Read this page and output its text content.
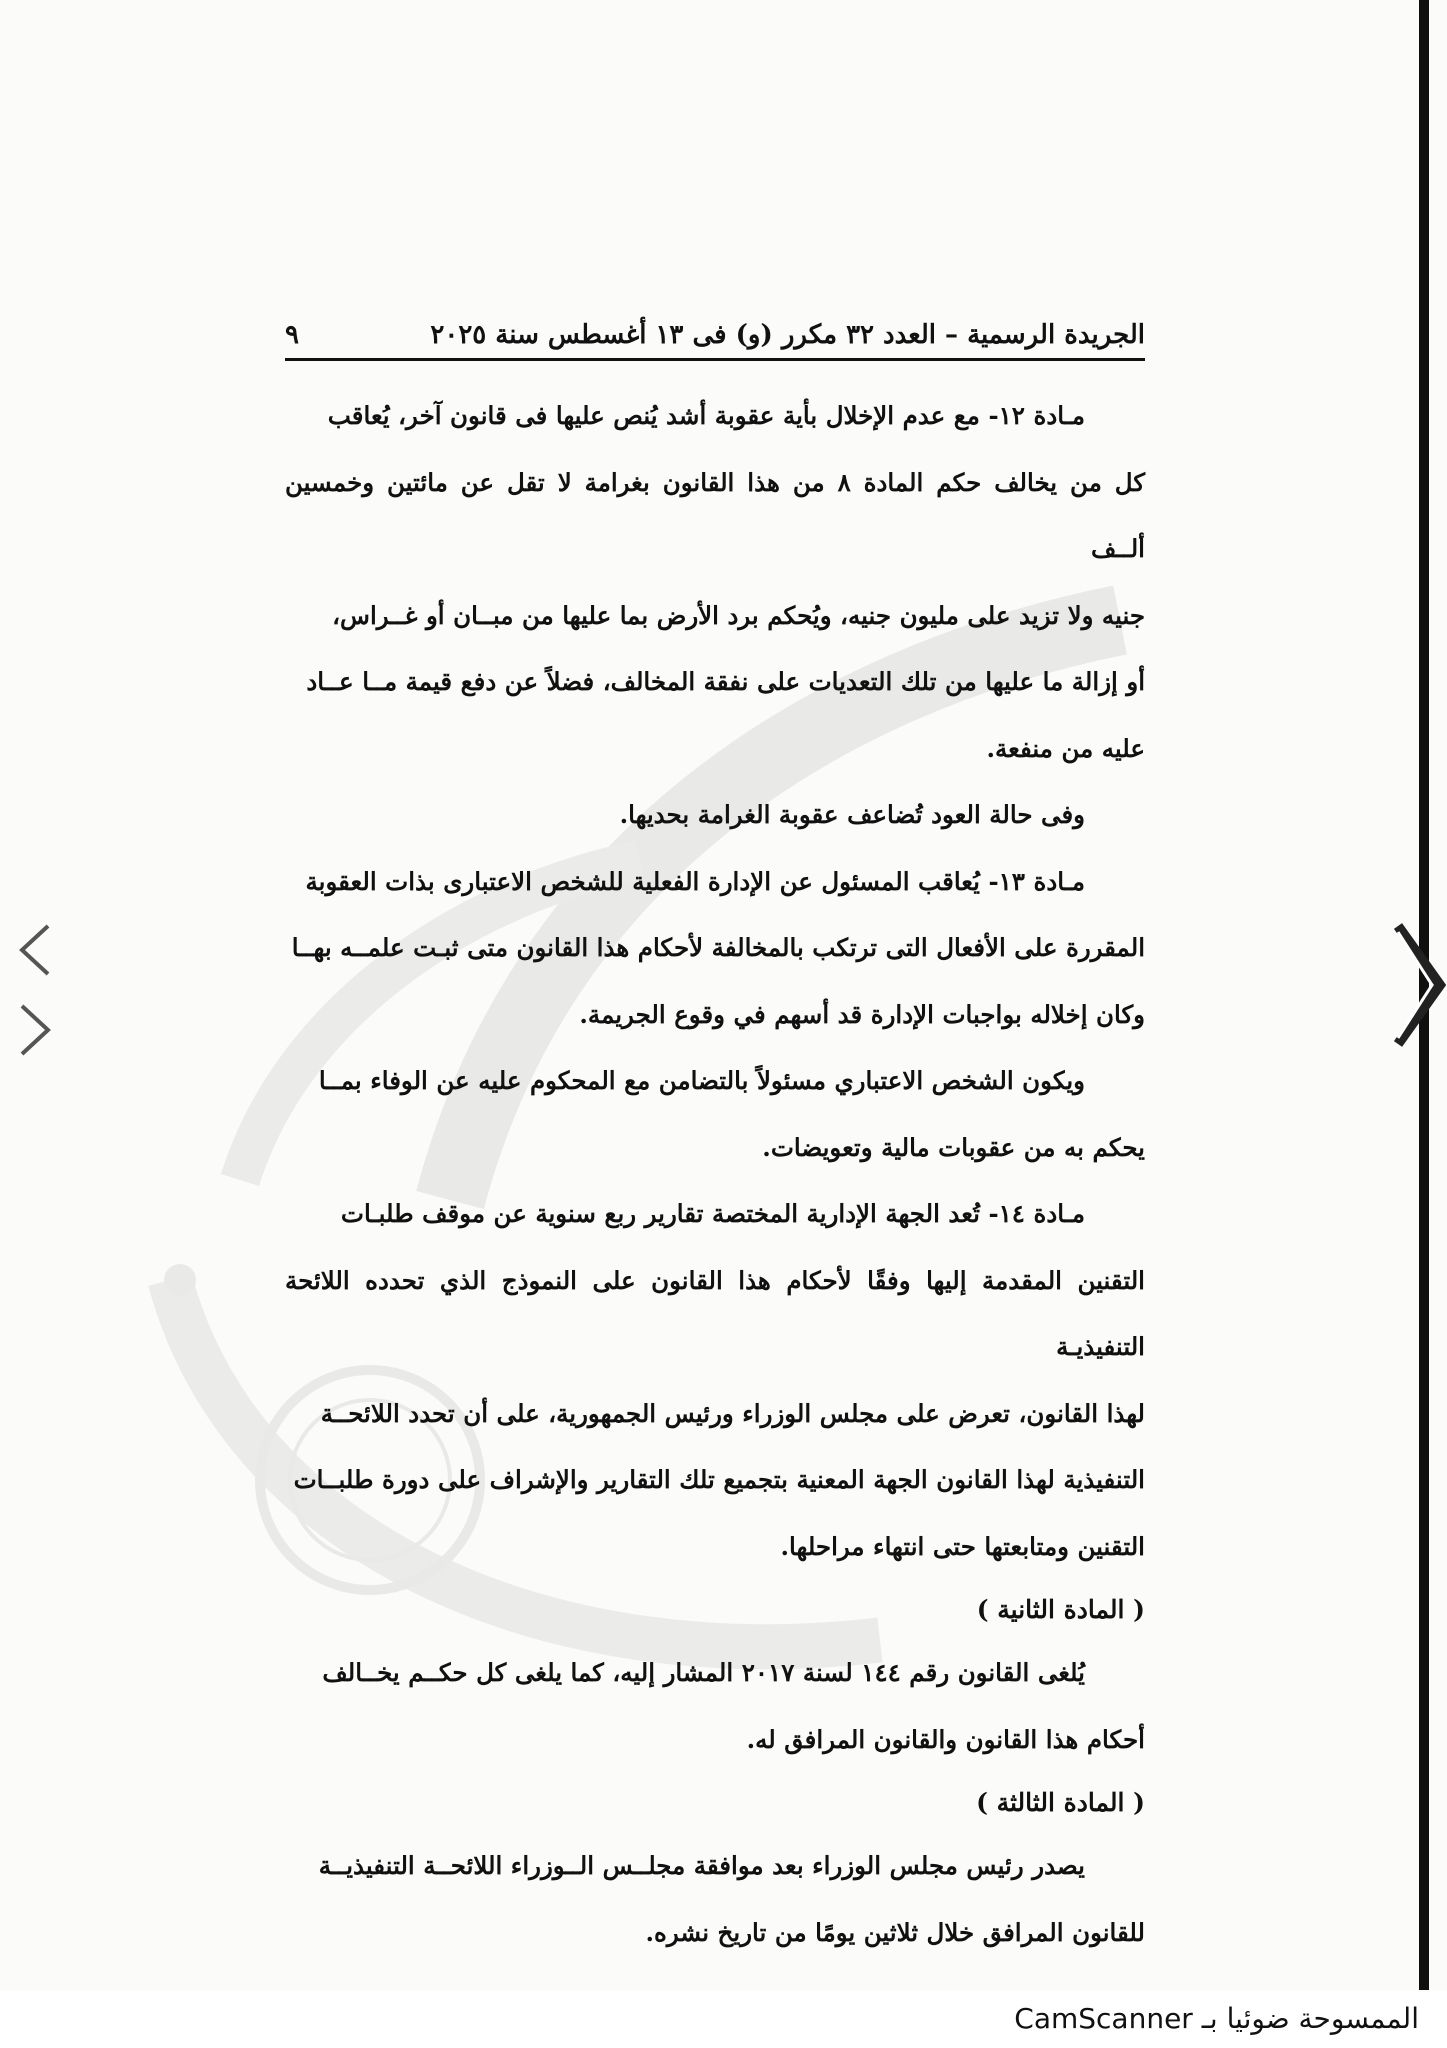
الجريدة الرسمية – العدد ٣٢ مكرر (و) فى ١٣ أغسطس سنة ٢٠٢٥
٩

مـادة ١٢- مع عدم الإخلال بأية عقوبة أشد يُنص عليها فى قانون آخر، يُعاقب

كل من يخالف حكم المادة ٨ من هذا القانون بغرامة لا تقل عن مائتين وخمسين ألــف

جنيه ولا تزيد على مليون جنيه، ويُحكم برد الأرض بما عليها من مبــان أو غــراس،

أو إزالة ما عليها من تلك التعديات على نفقة المخالف، فضلاً عن دفع قيمة مــا عــاد

عليه من منفعة.

وفى حالة العود تُضاعف عقوبة الغرامة بحديها.

مـادة ١٣- يُعاقب المسئول عن الإدارة الفعلية للشخص الاعتبارى بذات العقوبة

المقررة على الأفعال التى ترتكب بالمخالفة لأحكام هذا القانون متى ثبـت علمــه بهــا

وكان إخلاله بواجبات الإدارة قد أسهم في وقوع الجريمة.

ويكون الشخص الاعتباري مسئولاً بالتضامن مع المحكوم عليه عن الوفاء بمــا

يحكم به من عقوبات مالية وتعويضات.

مـادة ١٤- تُعد الجهة الإدارية المختصة تقارير ربع سنوية عن موقف طلبـات

التقنين المقدمة إليها وفقًا لأحكام هذا القانون على النموذج الذي تحدده اللائحة التنفيذيـة

لهذا القانون، تعرض على مجلس الوزراء ورئيس الجمهورية، على أن تحدد اللائحــة

التنفيذية لهذا القانون الجهة المعنية بتجميع تلك التقارير والإشراف على دورة طلبــات

التقنين ومتابعتها حتى انتهاء مراحلها.

( المادة الثانية )

يُلغى القانون رقم ١٤٤ لسنة ٢٠١٧ المشار إليه، كما يلغى كل حكــم يخــالف

أحكام هذا القانون والقانون المرافق له.

( المادة الثالثة )

يصدر رئيس مجلس الوزراء بعد موافقة مجلــس الــوزراء اللائحــة التنفيذيــة

للقانون المرافق خلال ثلاثين يومًا من تاريخ نشره.

الممسوحة ضوئيا بـ CamScanner
